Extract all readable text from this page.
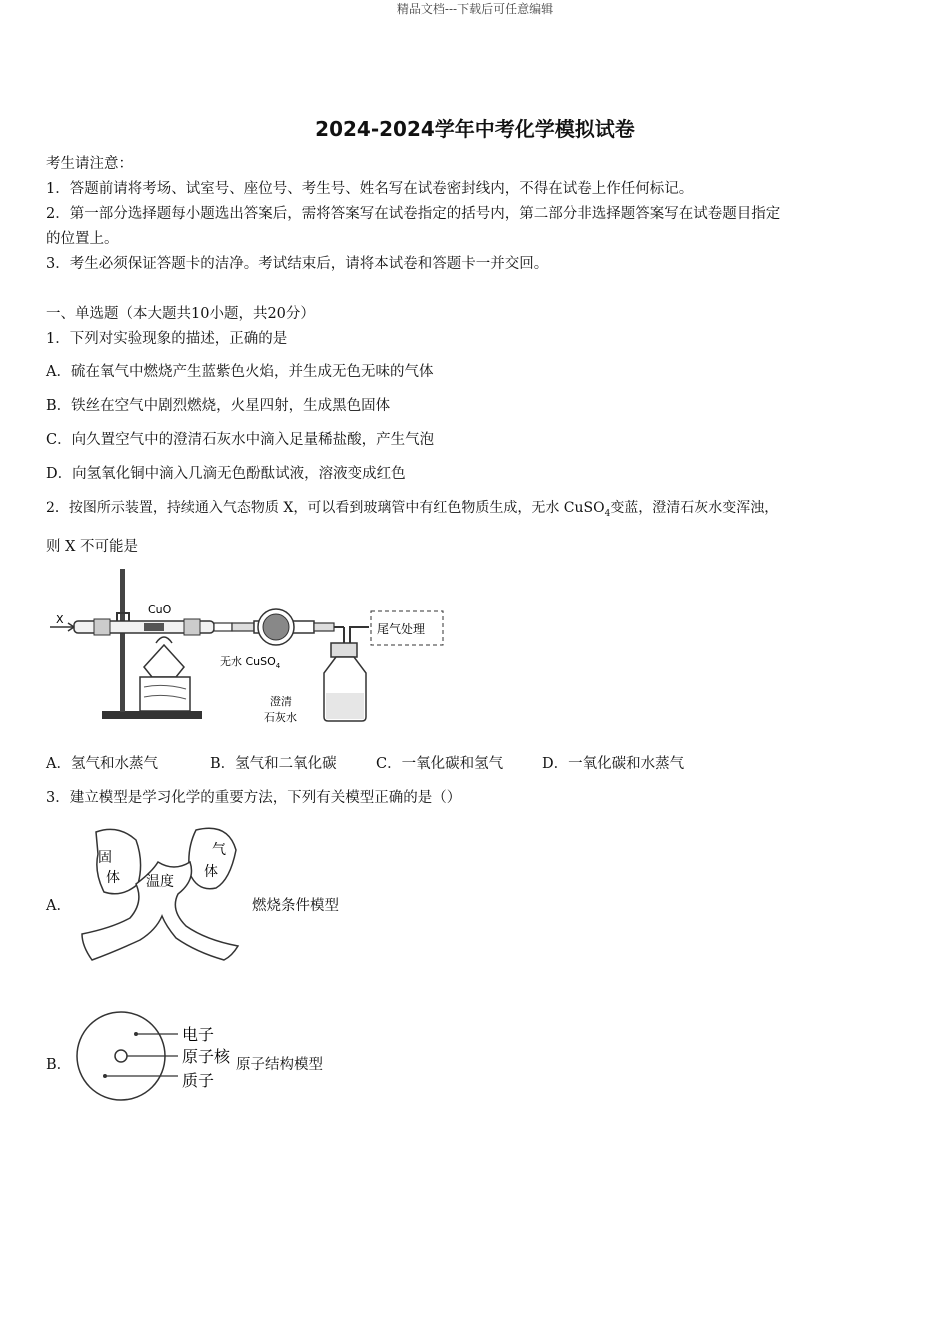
精品文档---下载后可任意编辑
2024-2024学年中考化学模拟试卷
考生请注意：
1．答题前请将考场、试室号、座位号、考生号、姓名写在试卷密封线内，不得在试卷上作任何标记。
2．第一部分选择题每小题选出答案后，需将答案写在试卷指定的括号内，第二部分非选择题答案写在试卷题目指定
的位置上。
3．考生必须保证答题卡的洁净。考试结束后，请将本试卷和答题卡一并交回。
一、单选题（本大题共10小题，共20分）
1．下列对实验现象的描述，正确的是
A．硫在氧气中燃烧产生蓝紫色火焰，并生成无色无味的气体
B．铁丝在空气中剧烈燃烧，火星四射，生成黑色固体
C．向久置空气中的澄清石灰水中滴入足量稀盐酸，产生气泡
D．向氢氧化铜中滴入几滴无色酚酞试液，溶液变成红色
2．按图所示装置，持续通入气态物质 X，可以看到玻璃管中有红色物质生成，无水 CuSO$_4$变蓝，澄清石灰水变浑浊，
则 X 不可能是
X
CuO
无水 CuSO$_4$
澄清
石灰水
尾气处理
A．氢气和水蒸气	B．氢气和二氧化碳	C．一氧化碳和氢气	D．一氧化碳和水蒸气
3．建立模型是学习化学的重要方法，下列有关模型正确的是（）
A．
固
体
气
体
温度
燃烧条件模型
B．
电子
原子核
质子
原子结构模型
